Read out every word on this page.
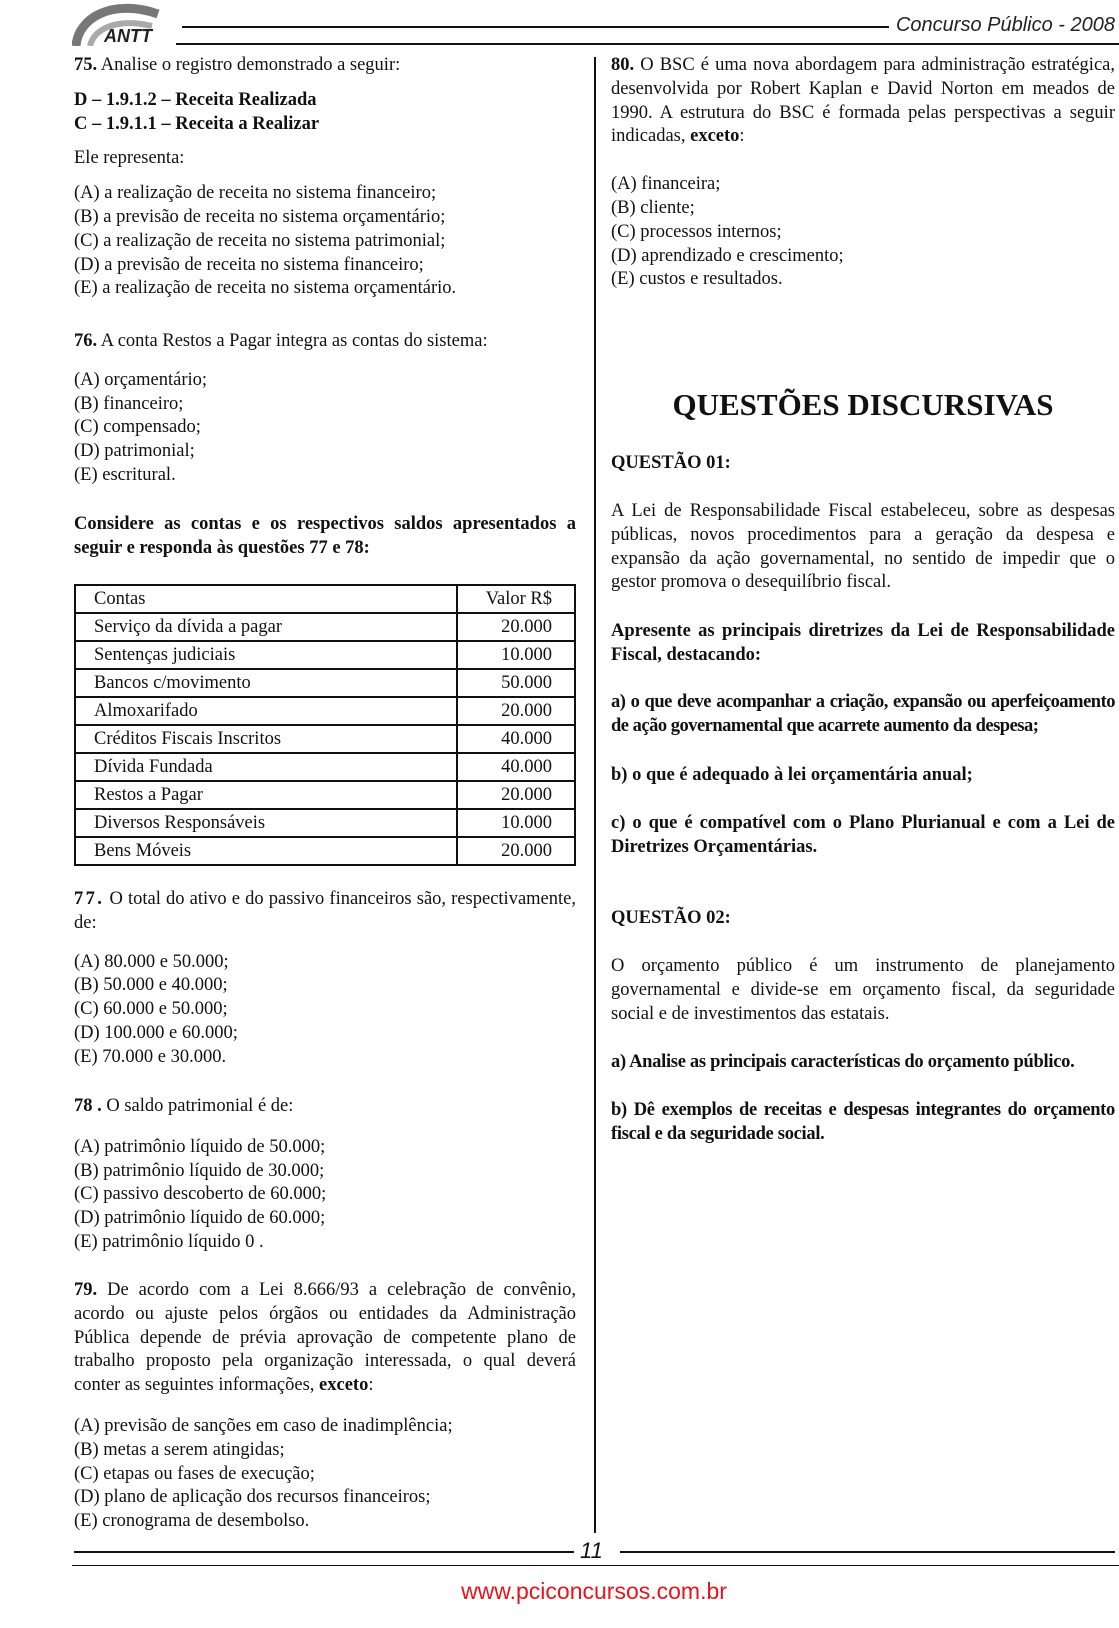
ANTT	Concurso Público - 2008
75. Analise o registro demonstrado a seguir:
D – 1.9.1.2 – Receita Realizada
C – 1.9.1.1 – Receita a Realizar
Ele representa:
(A) a realização de receita no sistema financeiro;
(B) a previsão de receita no sistema orçamentário;
(C) a realização de receita no sistema patrimonial;
(D) a previsão de receita no sistema financeiro;
(E) a realização de receita no sistema orçamentário.
76. A conta Restos a Pagar integra as contas do sistema:
(A) orçamentário;
(B) financeiro;
(C) compensado;
(D) patrimonial;
(E) escritural.
Considere as contas e os respectivos saldos apresentados a seguir e responda às questões 77 e 78:
Contas	Valor R$
Serviço da dívida a pagar	20.000
Sentenças judiciais	10.000
Bancos c/movimento	50.000
Almoxarifado	20.000
Créditos Fiscais Inscritos	40.000
Dívida Fundada	40.000
Restos a Pagar	20.000
Diversos Responsáveis	10.000
Bens Móveis	20.000
77. O total do ativo e do passivo financeiros são, respectivamente, de:
(A) 80.000 e 50.000;
(B) 50.000 e 40.000;
(C) 60.000 e 50.000;
(D) 100.000 e 60.000;
(E) 70.000 e 30.000.
78 . O saldo patrimonial é de:
(A) patrimônio líquido de 50.000;
(B) patrimônio líquido de 30.000;
(C) passivo descoberto de 60.000;
(D) patrimônio líquido de 60.000;
(E) patrimônio líquido 0 .
79. De acordo com a Lei 8.666/93 a celebração de convênio, acordo ou ajuste pelos órgãos ou entidades da Administração Pública depende de prévia aprovação de competente plano de trabalho proposto pela organização interessada, o qual deverá conter as seguintes informações, exceto:
(A) previsão de sanções em caso de inadimplência;
(B) metas a serem atingidas;
(C) etapas ou fases de execução;
(D) plano de aplicação dos recursos financeiros;
(E) cronograma de desembolso.
80. O BSC é uma nova abordagem para administração estratégica, desenvolvida por Robert Kaplan e David Norton em meados de 1990. A estrutura do BSC é formada pelas perspectivas a seguir indicadas, exceto:
(A) financeira;
(B) cliente;
(C) processos internos;
(D) aprendizado e crescimento;
(E) custos e resultados.
QUESTÕES DISCURSIVAS
QUESTÃO 01:
A Lei de Responsabilidade Fiscal estabeleceu, sobre as despesas públicas, novos procedimentos para a geração da despesa e expansão da ação governamental, no sentido de impedir que o gestor promova o desequilíbrio fiscal.
Apresente as principais diretrizes da Lei de Responsabilidade Fiscal, destacando:
a) o que deve acompanhar a criação, expansão ou aperfeiçoamento de ação governamental que acarrete aumento da despesa;
b) o que é adequado à lei orçamentária anual;
c) o que é compatível com o Plano Plurianual e com a Lei de Diretrizes Orçamentárias.
QUESTÃO 02:
O orçamento público é um instrumento de planejamento governamental e divide-se em orçamento fiscal, da seguridade social e de investimentos das estatais.
a) Analise as principais características do orçamento público.
b) Dê exemplos de receitas e despesas integrantes do orçamento fiscal e da seguridade social.
11
www.pciconcursos.com.br
